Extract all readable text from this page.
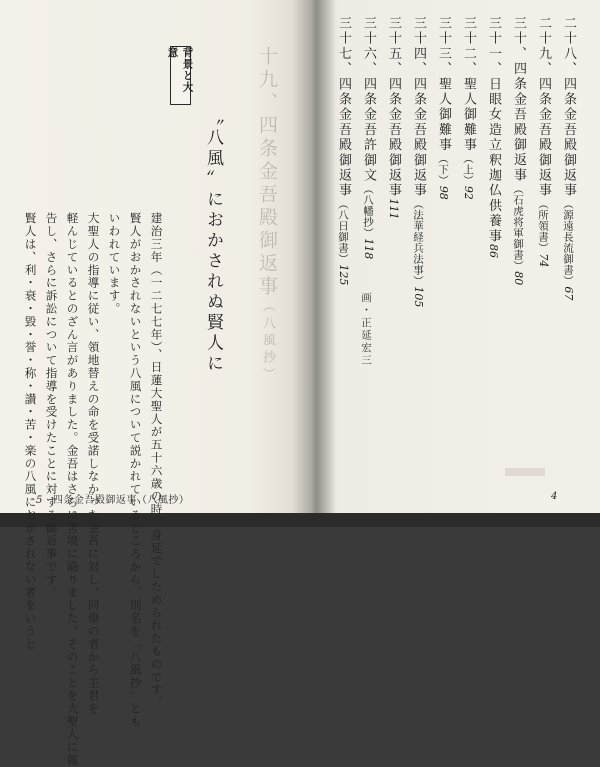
十九、四条金吾殿御返事（八風抄）
〝八風〟におかされぬ賢人に
背景と大意
建治三年（一二七七年）、日蓮大聖人が五十六歳の時、身延でしためられたものです。
賢人がおかされないという八風について説かれているところから、別名を「八風抄」とも
いわれています。
大聖人の指導に従い、領地替えの命を受諾しなかった金吾に対し、同僚の者から主君を
軽んじているとのざん言がありました。金吾はさらに苦境に陥りました。そのことを大聖人に報
告し、さらに訴訟について指導を受けたことに対する御返事です。
賢人は、利・衰・毀・誉・称・讃・苦・楽の八風におかされない者をいうと
5 四条金吾殿御返事（八風抄）
二十八、四条金吾殿御返事（源遠長流御書）67
二十九、四条金吾殿御返事（所領書）74
三十、四条金吾殿御返事（石虎将軍御書）80
三十一、日眼女造立釈迦仏供養事86
三十二、聖人御難事（上）92
三十三、聖人御難事（下）98
三十四、四条金吾殿御返事（法華経兵法事）105
三十五、四条金吾殿御返事111
三十六、四条金吾許御文（八幡抄）118
三十七、四条金吾殿御返事（八日御書）125
画・正延宏三
4
